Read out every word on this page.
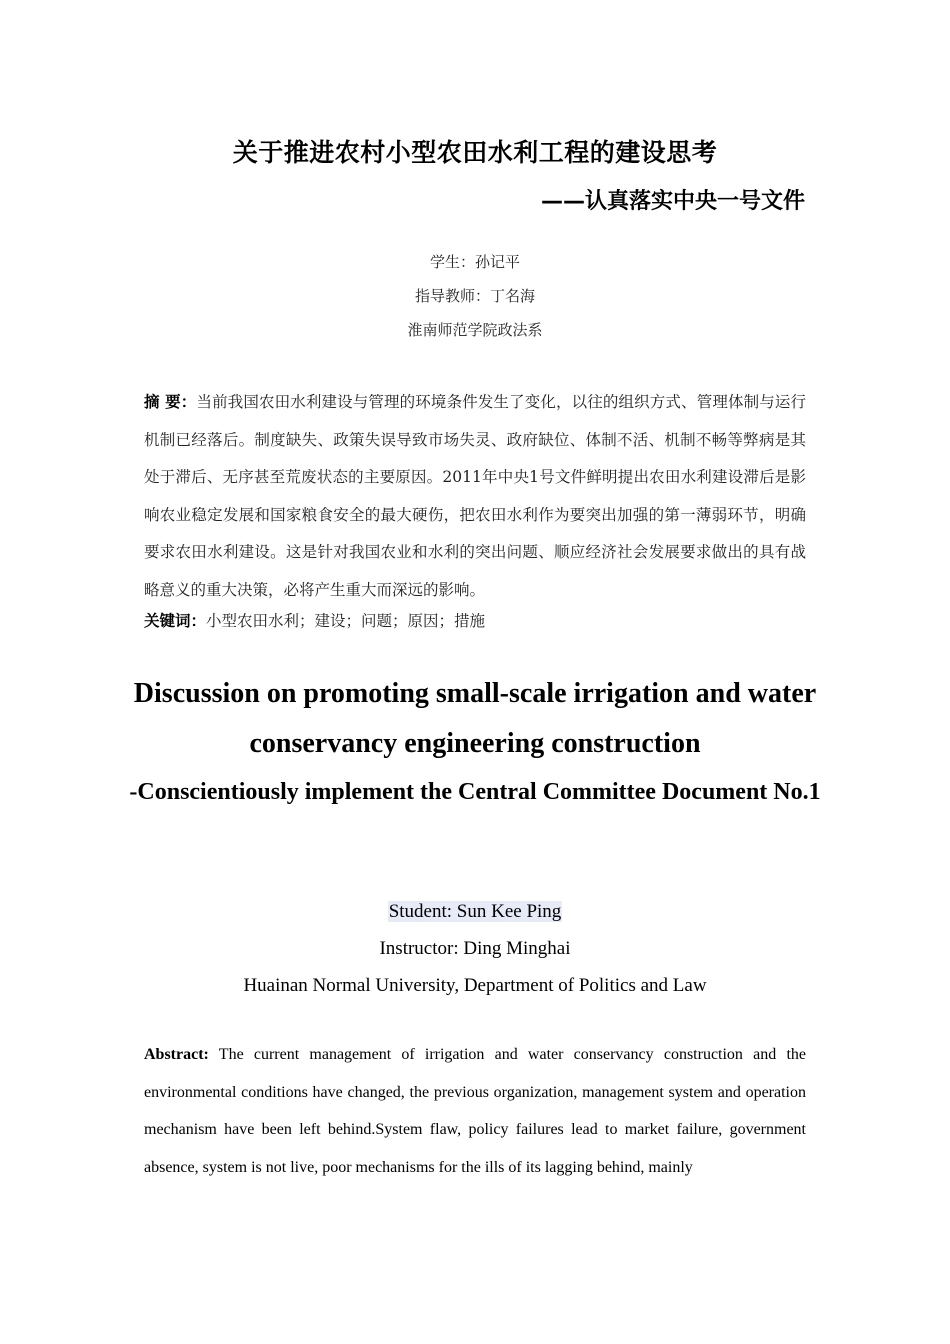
关于推进农村小型农田水利工程的建设思考
——认真落实中央一号文件
学生：孙记平
指导教师：丁名海
淮南师范学院政法系

摘 要：当前我国农田水利建设与管理的环境条件发生了变化，以往的组织方式、管理体制与运行机制已经落后。制度缺失、政策失误导致市场失灵、政府缺位、体制不活、机制不畅等弊病是其处于滞后、无序甚至荒废状态的主要原因。2011年中央1号文件鲜明提出农田水利建设滞后是影响农业稳定发展和国家粮食安全的最大硬伤，把农田水利作为要突出加强的第一薄弱环节，明确要求农田水利建设。这是针对我国农业和水利的突出问题、顺应经济社会发展要求做出的具有战略意义的重大决策，必将产生重大而深远的影响。

关键词：小型农田水利；建设；问题；原因；措施

Discussion on promoting small-scale irrigation and water conservancy engineering construction

-Conscientiously implement the Central Committee Document No.1

Student: Sun Kee Ping
Instructor: Ding Minghai
Huainan Normal University, Department of Politics and Law

Abstract: The current management of irrigation and water conservancy construction and the environmental conditions have changed, the previous organization, management system and operation mechanism have been left behind.System flaw, policy failures lead to market failure, government absence, system is not live, poor mechanisms for the ills of its lagging behind, mainly
